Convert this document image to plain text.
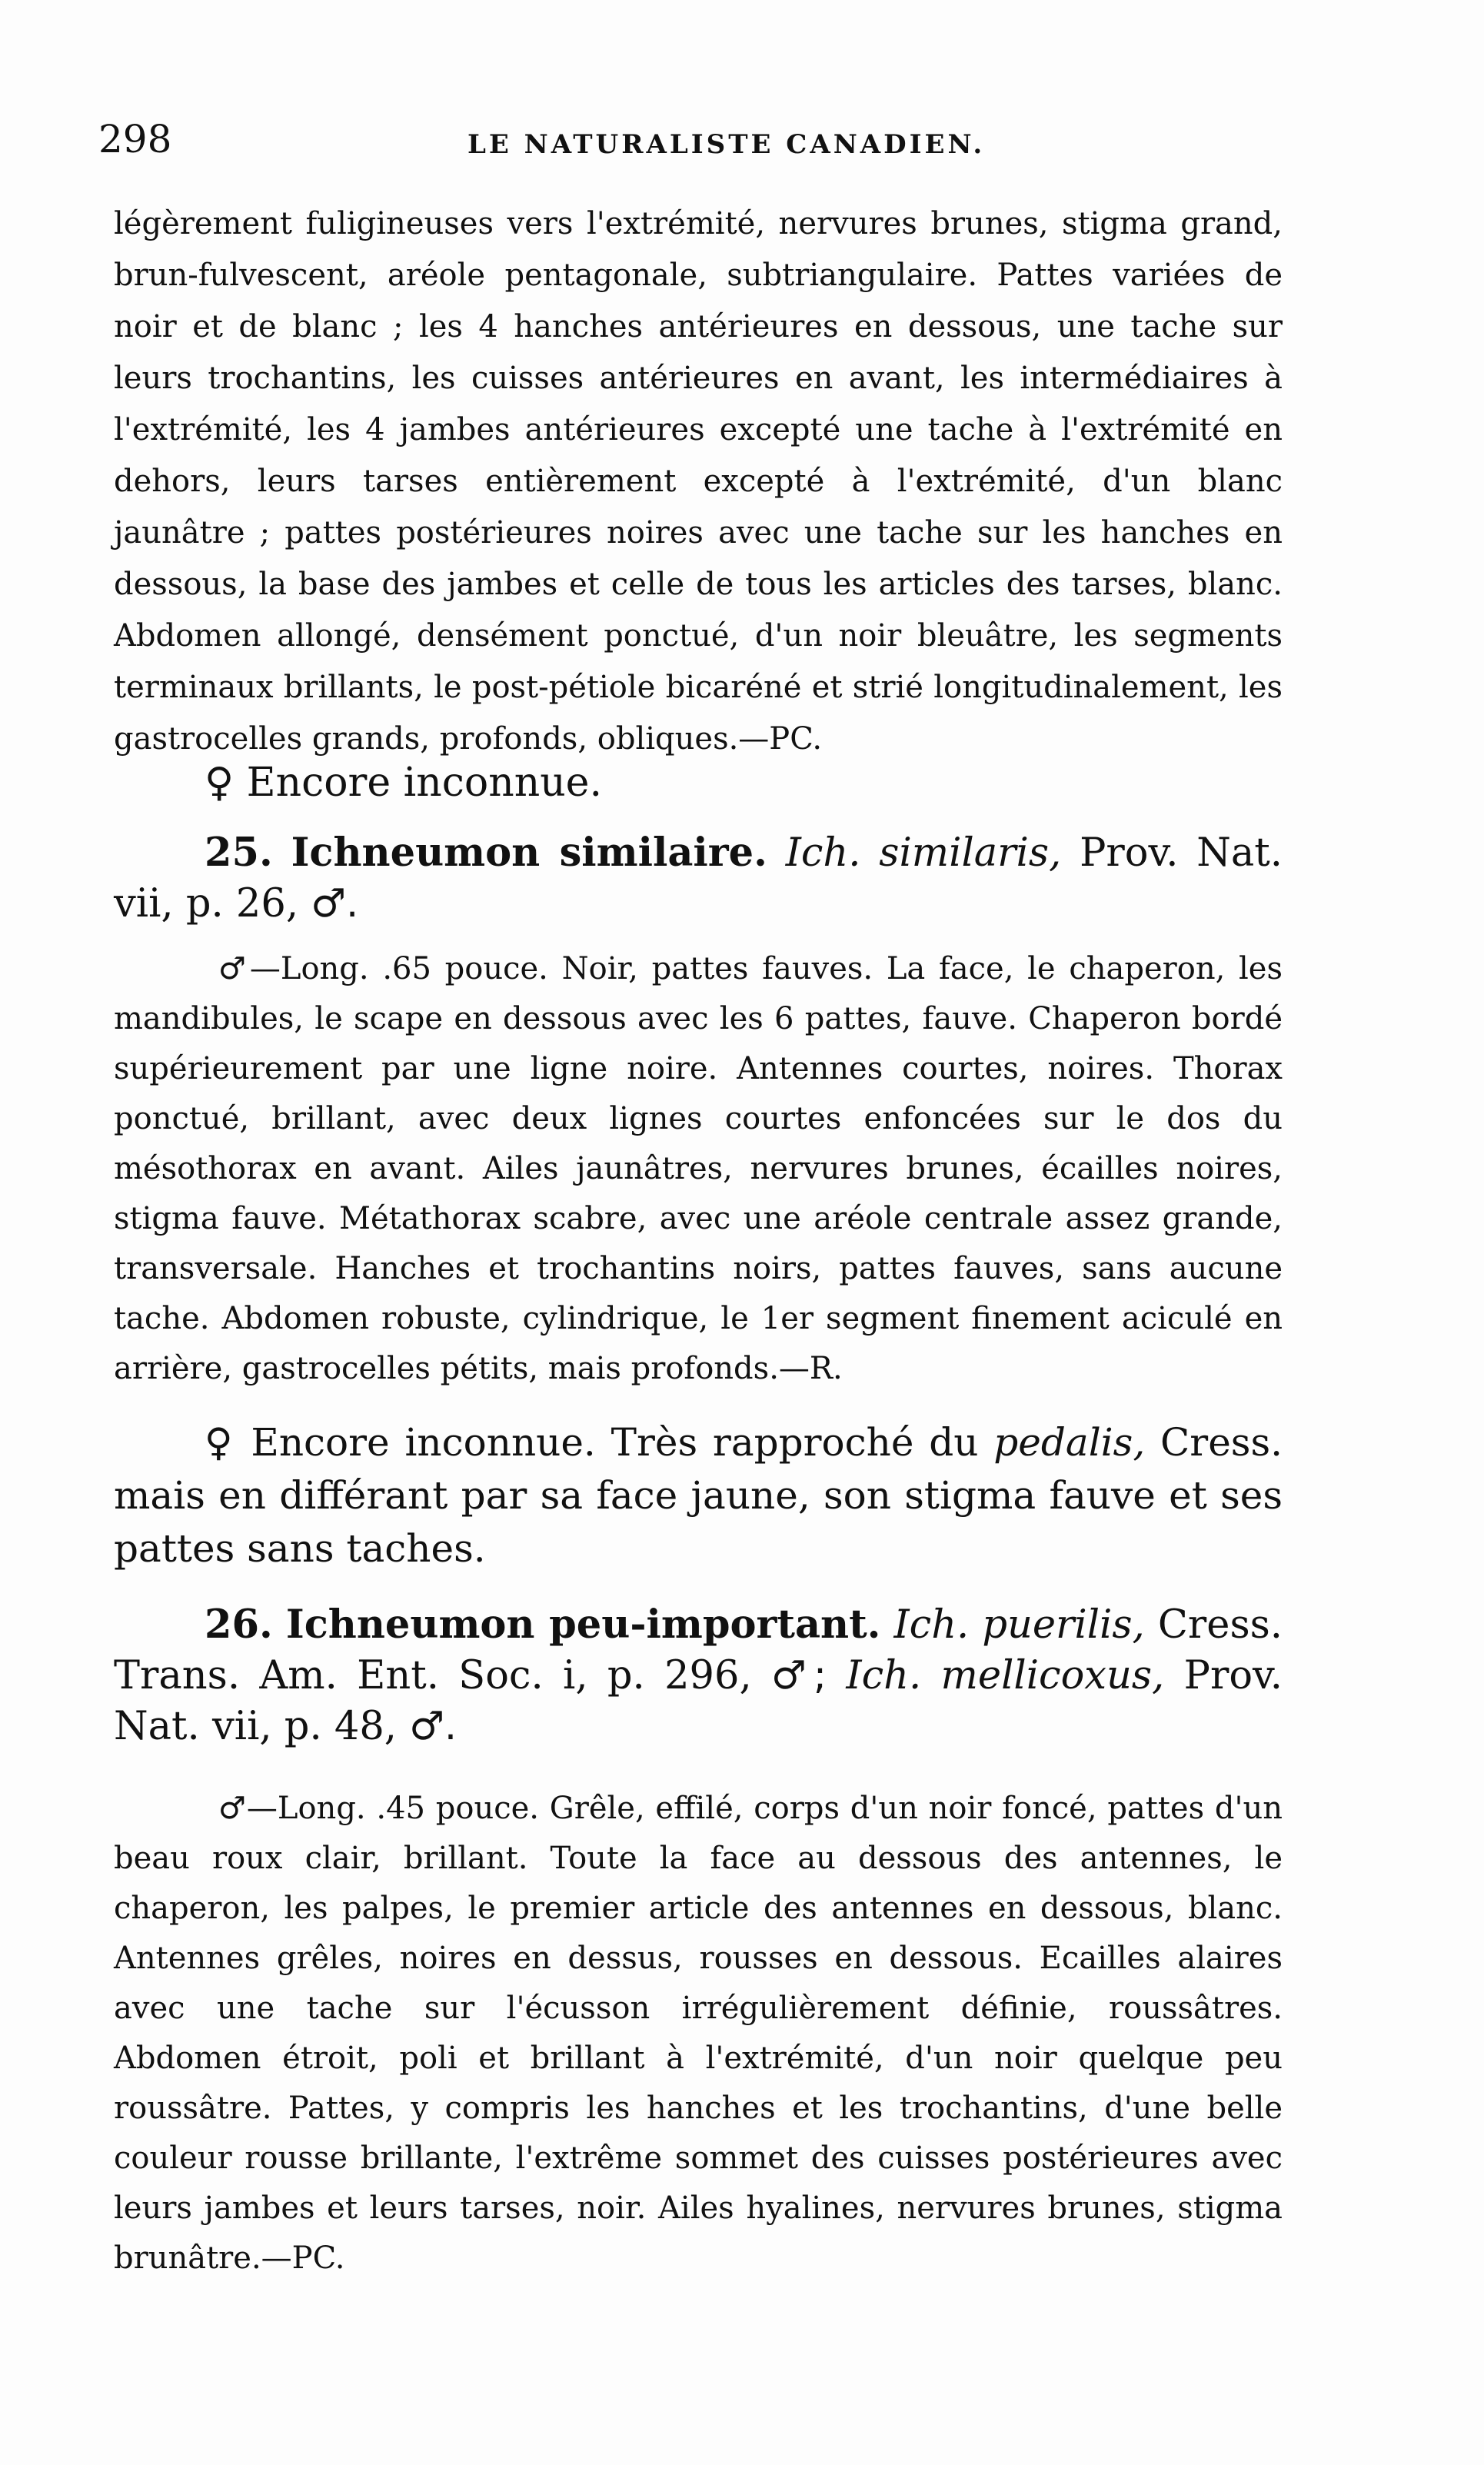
298	LE NATURALISTE CANADIEN.

légèrement fuligineuses vers l'extrémité, nervures brunes, stigma grand, brun-fulvescent, aréole pentagonale, subtriangulaire. Pattes variées de noir et de blanc ; les 4 hanches antérieures en dessous, une tache sur leurs trochantins, les cuisses antérieures en avant, les intermédiaires à l'extrémité, les 4 jambes antérieures excepté une tache à l'extrémité en dehors, leurs tarses entièrement excepté à l'extrémité, d'un blanc jaunâtre ; pattes postérieures noires avec une tache sur les hanches en dessous, la base des jambes et celle de tous les articles des tarses, blanc. Abdomen allongé, densément ponctué, d'un noir bleuâtre, les segments terminaux brillants, le post-pétiole bicaréné et strié longitudinalement, les gastrocelles grands, profonds, obliques.—PC.

♀ Encore inconnue.

25. Ichneumon similaire. Ich. similaris, Prov. Nat. vii, p. 26, ♂.

♂—Long. .65 pouce. Noir, pattes fauves. La face, le chaperon, les mandibules, le scape en dessous avec les 6 pattes, fauve. Chaperon bordé supérieurement par une ligne noire. Antennes courtes, noires. Thorax ponctué, brillant, avec deux lignes courtes enfoncées sur le dos du mésothorax en avant. Ailes jaunâtres, nervures brunes, écailles noires, stigma fauve. Métathorax scabre, avec une aréole centrale assez grande, transversale. Hanches et trochantins noirs, pattes fauves, sans aucune tache. Abdomen robuste, cylindrique, le 1er segment finement aciculé en arrière, gastrocelles pétits, mais profonds.—R.

♀ Encore inconnue. Très rapproché du pedalis, Cress. mais en différant par sa face jaune, son stigma fauve et ses pattes sans taches.

26. Ichneumon peu-important. Ich. puerilis, Cress. Trans. Am. Ent. Soc. i, p. 296, ♂; Ich. mellicoxus, Prov. Nat. vii, p. 48, ♂.

♂—Long. .45 pouce. Grêle, effilé, corps d'un noir foncé, pattes d'un beau roux clair, brillant. Toute la face au dessous des antennes, le chaperon, les palpes, le premier article des antennes en dessous, blanc. Antennes grêles, noires en dessus, rousses en dessous. Ecailles alaires avec une tache sur l'écusson irrégulièrement définie, roussâtres. Abdomen étroit, poli et brillant à l'extrémité, d'un noir quelque peu roussâtre. Pattes, y compris les hanches et les trochantins, d'une belle couleur rousse brillante, l'extrême sommet des cuisses postérieures avec leurs jambes et leurs tarses, noir. Ailes hyalines, nervures brunes, stigma brunâtre.—PC.
